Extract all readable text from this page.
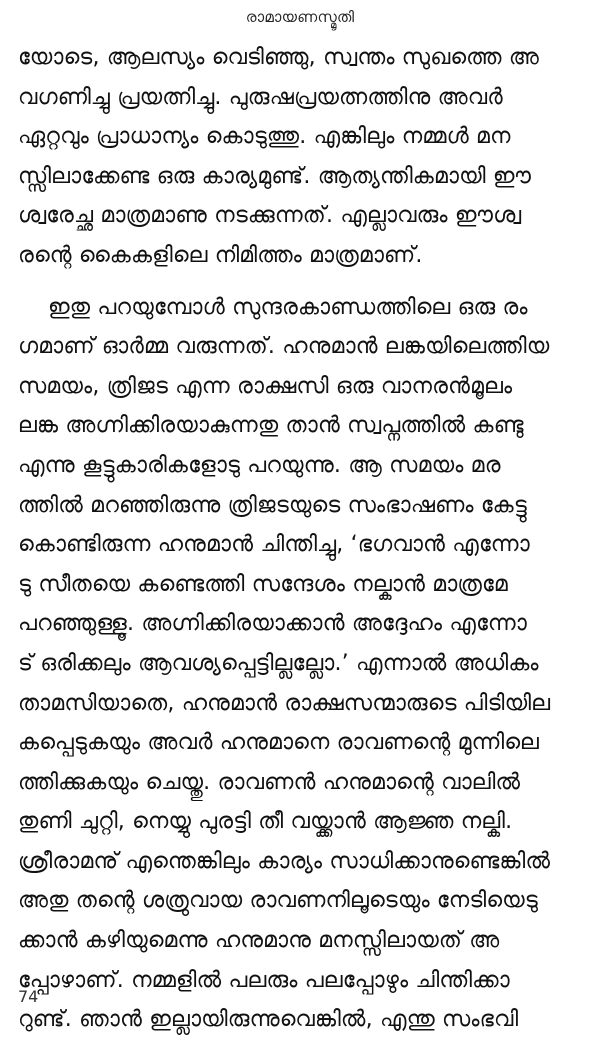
രാമായണസ്മൃതി

യോടെ, ആലസ്യം വെടിഞ്ഞു, സ്വന്തം സുഖത്തെ അ
വഗണിച്ചു പ്രയത്നിച്ചു. പുരുഷപ്രയത്നത്തിനു അവർ
ഏറ്റവും പ്രാധാന്യം കൊടുത്തു. എങ്കിലും നമ്മൾ മന
സ്സിലാക്കേണ്ട ഒരു കാര്യമുണ്ട്. ആത്യന്തികമായി ഈ
ശ്വരേച്ഛ മാത്രമാണു നടക്കുന്നത്. എല്ലാവരും ഈശ്വ
രന്റെ കൈകളിലെ നിമിത്തം മാത്രമാണ്.

ഇതു പറയുമ്പോൾ സുന്ദരകാണ്ഡത്തിലെ ഒരു രം
ഗമാണ് ഓർമ്മ വരുന്നത്. ഹനുമാൻ ലങ്കയിലെത്തിയ
സമയം, ത്രിജട എന്ന രാക്ഷസി ഒരു വാനരൻമൂലം
ലങ്ക അഗ്നിക്കിരയാകുന്നതു താൻ സ്വപ്നത്തിൽ കണ്ടു
എന്നു കൂട്ടുകാരികളോടു പറയുന്നു. ആ സമയം മര
ത്തിൽ മറഞ്ഞിരുന്നു ത്രിജടയുടെ സംഭാഷണം കേട്ടു
കൊണ്ടിരുന്ന ഹനുമാൻ ചിന്തിച്ചു, ‘ഭഗവാൻ എന്നോ
ടു സീതയെ കണ്ടെത്തി സന്ദേശം നല്കാൻ മാത്രമേ
പറഞ്ഞുള്ളൂ. അഗ്നിക്കിരയാക്കാൻ അദ്ദേഹം എന്നോ
ട് ഒരിക്കലും ആവശ്യപ്പെട്ടില്ലല്ലോ.’ എന്നാൽ അധികം
താമസിയാതെ, ഹനുമാൻ രാക്ഷസന്മാരുടെ പിടിയില
കപ്പെടുകയും അവർ ഹനുമാനെ രാവണന്റെ മുന്നിലെ
ത്തിക്കുകയും ചെയ്തു. രാവണൻ ഹനുമാന്റെ വാലിൽ
തുണി ചുറ്റി, നെയ്യു പുരട്ടി തീ വയ്ക്കാൻ ആജ്ഞ നല്കി.
ശ്രീരാമനു് എന്തെങ്കിലും കാര്യം സാധിക്കാനുണ്ടെങ്കിൽ
അതു തന്റെ ശത്രുവായ രാവണനിലൂടെയും നേടിയെടു
ക്കാൻ കഴിയുമെന്നു ഹനുമാനു മനസ്സിലായത് അ
പ്പോഴാണ്. നമ്മളിൽ പലരും പലപ്പോഴും ചിന്തിക്കാ
റുണ്ട്. ഞാൻ ഇല്ലായിരുന്നുവെങ്കിൽ, എന്തു സംഭവി

74
